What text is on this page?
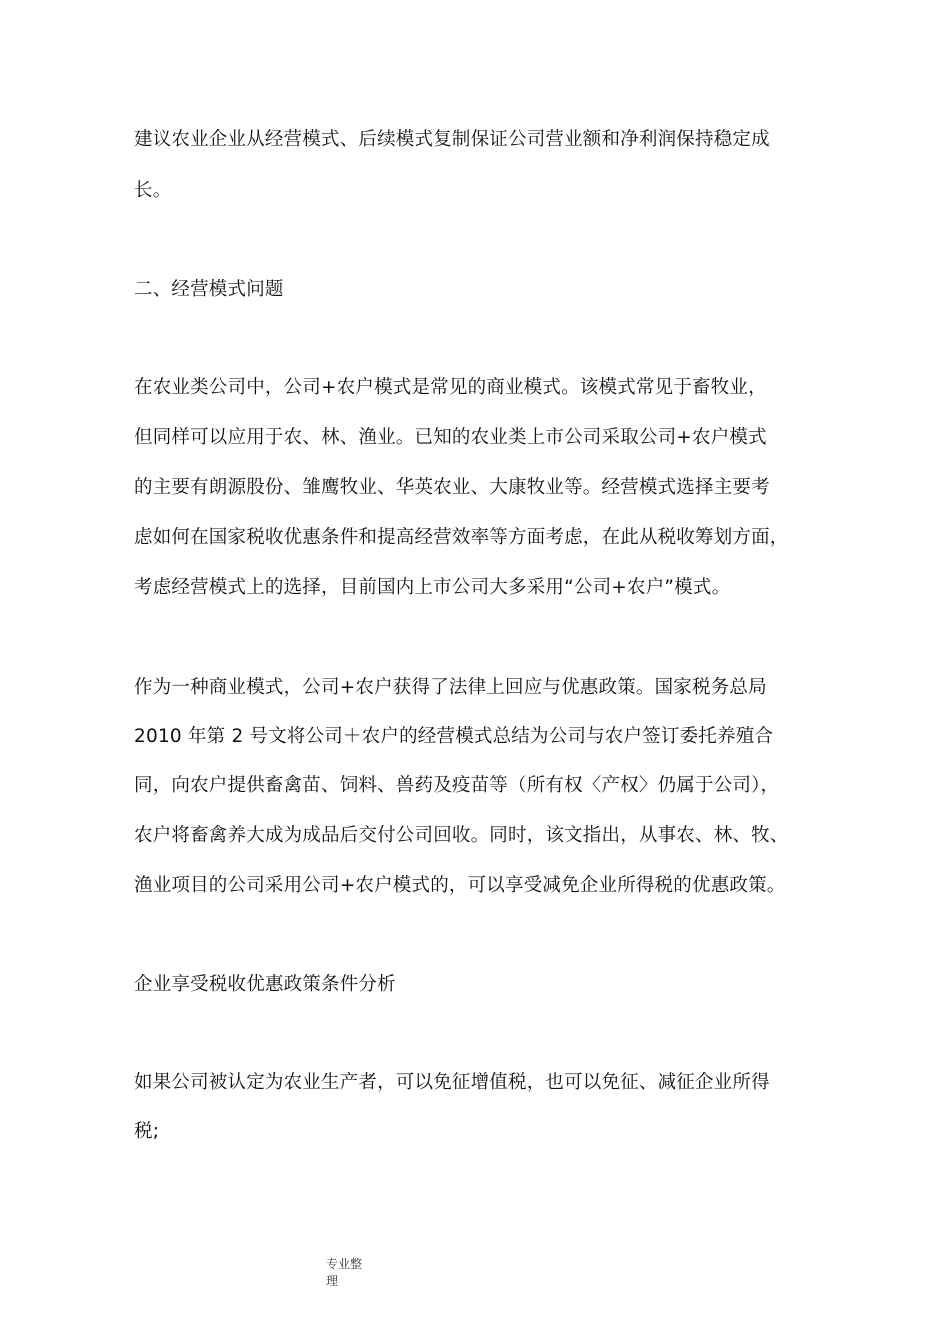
建议农业企业从经营模式、后续模式复制保证公司营业额和净利润保持稳定成
长。
二、经营模式问题
在农业类公司中，公司+农户模式是常见的商业模式。该模式常见于畜牧业，
但同样可以应用于农、林、渔业。已知的农业类上市公司采取公司+农户模式
的主要有朗源股份、雏鹰牧业、华英农业、大康牧业等。经营模式选择主要考
虑如何在国家税收优惠条件和提高经营效率等方面考虑，在此从税收筹划方面，
考虑经营模式上的选择，目前国内上市公司大多采用“公司+农户”模式。
作为一种商业模式，公司+农户获得了法律上回应与优惠政策。国家税务总局
2010 年第 2 号文将公司＋农户的经营模式总结为公司与农户签订委托养殖合
同，向农户提供畜禽苗、饲料、兽药及疫苗等（所有权〈产权〉仍属于公司），
农户将畜禽养大成为成品后交付公司回收。同时，该文指出，从事农、林、牧、
渔业项目的公司采用公司+农户模式的，可以享受减免企业所得税的优惠政策。
企业享受税收优惠政策条件分析
如果公司被认定为农业生产者，可以免征增值税，也可以免征、减征企业所得
税;
专业整
理
